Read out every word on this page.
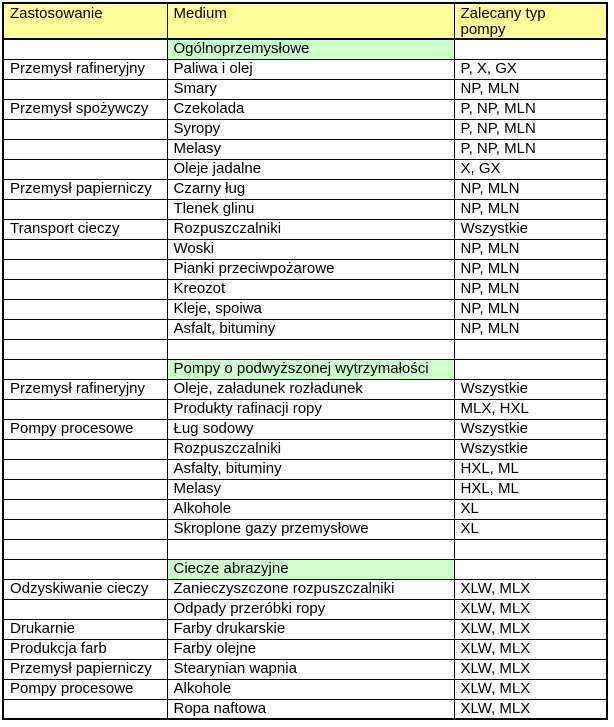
Zastosowanie	Medium	Zalecany typ pompy
	Ogólnoprzemysłowe	
Przemysł rafineryjny	Paliwa i olej	P, X, GX
	Smary	NP, MLN
Przemysł spożywczy	Czekolada	P, NP, MLN
	Syropy	P, NP, MLN
	Melasy	P, NP, MLN
	Oleje jadalne	X, GX
Przemysł papierniczy	Czarny ług	NP, MLN
	Tlenek glinu	NP, MLN
Transport cieczy	Rozpuszczalniki	Wszystkie
	Woski	NP, MLN
	Pianki przeciwpożarowe	NP, MLN
	Kreozot	NP, MLN
	Kleje, spoiwa	NP, MLN
	Asfalt, bituminy	NP, MLN

	Pompy o podwyższonej wytrzymałości	
Przemysł rafineryjny	Oleje, załadunek rozładunek	Wszystkie
	Produkty rafinacji ropy	MLX, HXL
Pompy procesowe	Ług sodowy	Wszystkie
	Rozpuszczalniki	Wszystkie
	Asfalty, bituminy	HXL, ML
	Melasy	HXL, ML
	Alkohole	XL
	Skroplone gazy przemysłowe	XL

	Ciecze abrazyjne	
Odzyskiwanie cieczy	Zanieczyszczone rozpuszczalniki	XLW, MLX
	Odpady przeróbki ropy	XLW, MLX
Drukarnie	Farby drukarskie	XLW, MLX
Produkcja farb	Farby olejne	XLW, MLX
Przemysł papierniczy	Stearynian wapnia	XLW, MLX
Pompy procesowe	Alkohole	XLW, MLX
	Ropa naftowa	XLW, MLX
